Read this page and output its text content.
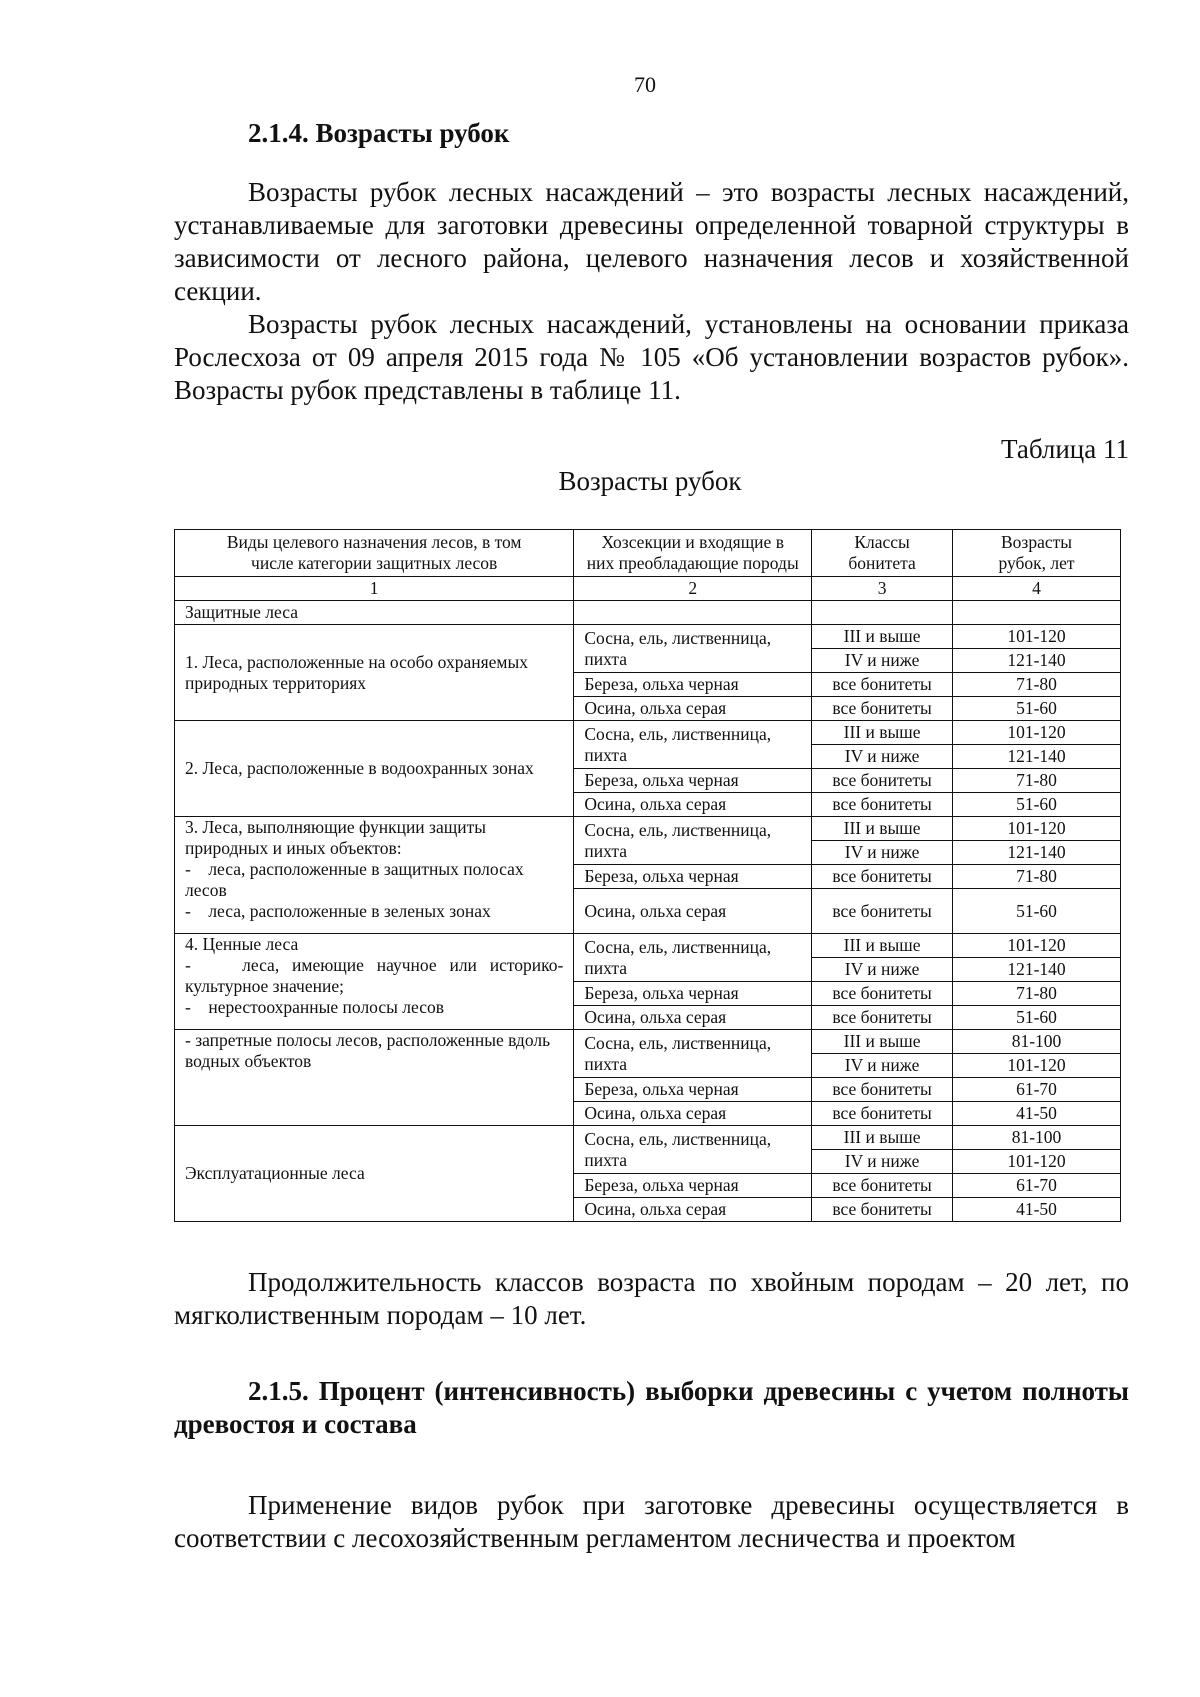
70
2.1.4. Возрасты рубок

Возрасты рубок лесных насаждений – это возрасты лесных насаждений, устанавливаемые для заготовки древесины определенной товарной структуры в зависимости от лесного района, целевого назначения лесов и хозяйственной секции.

Возрасты рубок лесных насаждений, установлены на основании приказа Рослесхоза от 09 апреля 2015 года № 105 «Об установлении возрастов рубок». Возрасты рубок представлены в таблице 11.

Таблица 11
Возрасты рубок
Виды целевого назначения лесов, в том числе категории защитных лесов	Хозсекции и входящие в них преобладающие породы	Классы бонитета	Возрасты рубок, лет
1	2	3	4
Защитные леса			
1. Леса, расположенные на особо охраняемых природных территориях	Сосна, ель, лиственница, пихта	III и выше	101-120
		IV и ниже	121-140
	Береза, ольха черная	все бонитеты	71-80
	Осина, ольха серая	все бонитеты	51-60
2. Леса, расположенные в водоохранных зонах	Сосна, ель, лиственница, пихта	III и выше	101-120
		IV и ниже	121-140
	Береза, ольха черная	все бонитеты	71-80
	Осина, ольха серая	все бонитеты	51-60

3. Леса, выполняющие функции защиты природных и иных объектов:
-    леса, расположенные в защитных полосах лесов
-    леса, расположенные в зеленых зонах	Сосна, ель, лиственница, пихта	III и выше	101-120
		IV и ниже	121-140
	Береза, ольха черная	все бонитеты	71-80
	Осина, ольха серая	все бонитеты	51-60

4. Ценные леса
-    леса, имеющие научное или историко-культурное значение;
-    нерестоохранные полосы лесов	Сосна, ель, лиственница, пихта	III и выше	101-120
		IV и ниже	121-140
	Береза, ольха черная	все бонитеты	71-80
	Осина, ольха серая	все бонитеты	51-60
- запретные полосы лесов, расположенные вдоль водных объектов	Сосна, ель, лиственница, пихта	III и выше	81-100
		IV и ниже	101-120
	Береза, ольха черная	все бонитеты	61-70
	Осина, ольха серая	все бонитеты	41-50
Эксплуатационные леса	Сосна, ель, лиственница, пихта	III и выше	81-100
		IV и ниже	101-120
	Береза, ольха черная	все бонитеты	61-70
	Осина, ольха серая	все бонитеты	41-50

Продолжительность классов возраста по хвойным породам – 20 лет, по мягколиственным породам – 10 лет.

2.1.5. Процент (интенсивность) выборки древесины с учетом полноты древостоя и состава

Применение видов рубок при заготовке древесины осуществляется в соответствии с лесохозяйственным регламентом лесничества и проектом
